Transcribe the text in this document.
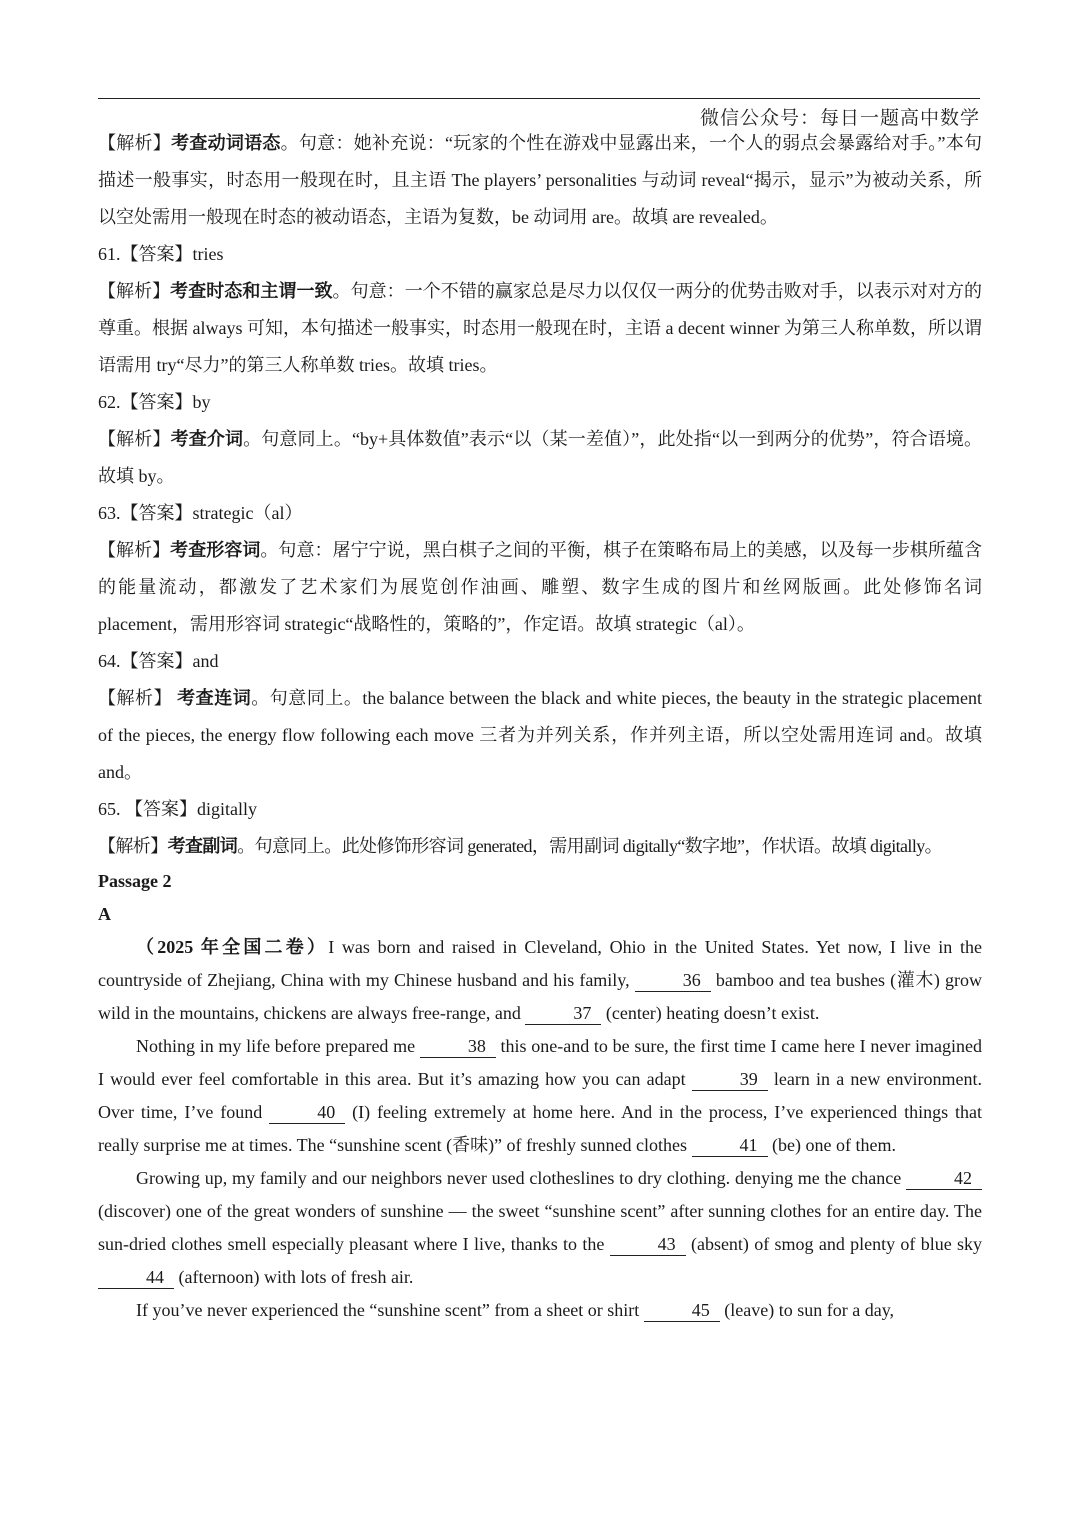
微信公众号：每日一题高中数学

【解析】考查动词语态。句意：她补充说：“玩家的个性在游戏中显露出来，一个人的弱点会暴露给对手。”本句描述一般事实，时态用一般现在时，且主语 The players’ personalities 与动词 reveal“揭示，显示”为被动关系，所以空处需用一般现在时态的被动语态，主语为复数，be 动词用 are。故填 are revealed。

61.【答案】tries

【解析】考查时态和主谓一致。句意：一个不错的赢家总是尽力以仅仅一两分的优势击败对手，以表示对对方的尊重。根据 always 可知，本句描述一般事实，时态用一般现在时，主语 a decent winner 为第三人称单数，所以谓语需用 try“尽力”的第三人称单数 tries。故填 tries。

62.【答案】by

【解析】考查介词。句意同上。“by+具体数值”表示“以（某一差值）”，此处指“以一到两分的优势”，符合语境。故填 by。

63.【答案】strategic（al）

【解析】考查形容词。句意：屠宁宁说，黑白棋子之间的平衡，棋子在策略布局上的美感，以及每一步棋所蕴含的能量流动，都激发了艺术家们为展览创作油画、雕塑、数字生成的图片和丝网版画。此处修饰名词 placement，需用形容词 strategic“战略性的，策略的”，作定语。故填 strategic（al）。

64.【答案】and

【解析】 考查连词。句意同上。the balance between the black and white pieces, the beauty in the strategic placement of the pieces, the energy flow following each move 三者为并列关系，作并列主语，所以空处需用连词 and。故填 and。

65. 【答案】digitally

【解析】考查副词。句意同上。此处修饰形容词 generated，需用副词 digitally“数字地”，作状语。故填 digitally。

Passage 2

A

（2025 年全国二卷）I was born and raised in Cleveland, Ohio in the United States. Yet now, I live in the countryside of Zhejiang, China with my Chinese husband and his family,	36 bamboo and tea bushes (灌木) grow wild in the mountains, chickens are always free-range, and	37 (center) heating doesn’t exist.

Nothing in my life before prepared me	38 this one-and to be sure, the first time I came here I never imagined I would ever feel comfortable in this area. But it’s amazing how you can adapt	39 learn in a new environment. Over time, I’ve found	40 (I) feeling extremely at home here. And in the process, I’ve experienced things that really surprise me at times. The “sunshine scent (香味)” of freshly sunned clothes	41 (be) one of them.

Growing up, my family and our neighbors never used clotheslines to dry clothing. denying me the chance	42 (discover) one of the great wonders of sunshine — the sweet “sunshine scent” after sunning clothes for an entire day. The sun-dried clothes smell especially pleasant where I live, thanks to the	43 (absent) of smog and plenty of blue sky 44 (afternoon) with lots of fresh air.

If you’ve never experienced the “sunshine scent” from a sheet or shirt	45 (leave) to sun for a day,
